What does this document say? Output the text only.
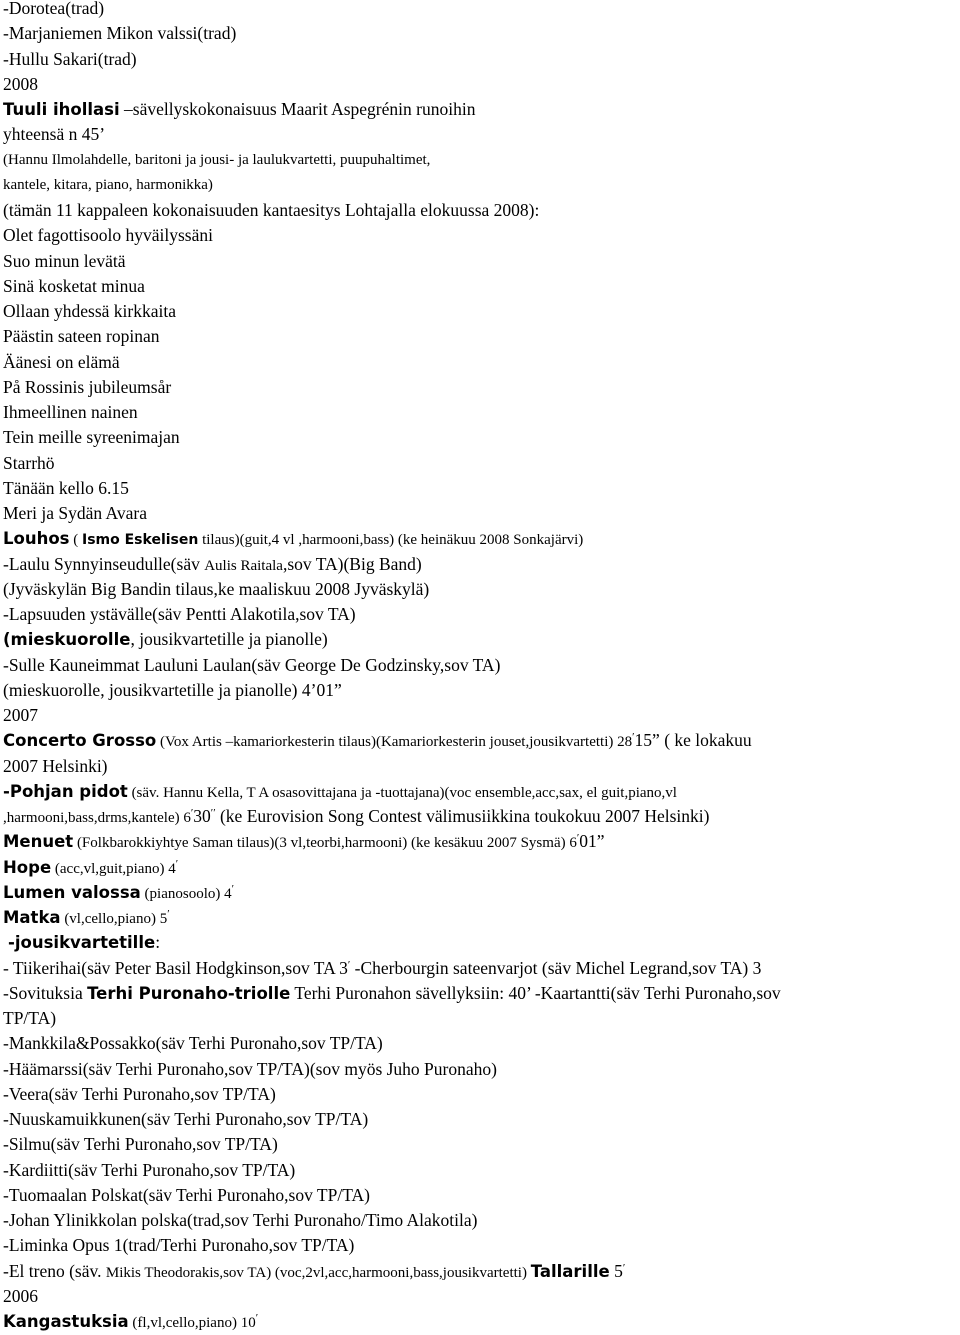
-Dorotea(trad)
-Marjaniemen Mikon valssi(trad)
-Hullu Sakari(trad)
2008
Tuuli ihollasi –sävellyskokonaisuus Maarit Aspegrénin runoihin
yhteensä n 45’
(Hannu Ilmolahdelle, baritoni ja jousi- ja laulukvartetti, puupuhaltimet,
kantele, kitara, piano, harmonikka)
(tämän 11 kappaleen kokonaisuuden kantaesitys Lohtajalla elokuussa 2008):
Olet fagottisoolo hyväilyssäni
Suo minun levätä
Sinä kosketat minua
Ollaan yhdessä kirkkaita
Päästin sateen ropinan
Äänesi on elämä
På Rossinis jubileumsår
Ihmeellinen nainen
Tein meille syreenimajan
Starrhö
Tänään kello 6.15
Meri ja Sydän Avara
Louhos ( Ismo Eskelisen tilaus)(guit,4 vl ,harmooni,bass) (ke heinäkuu 2008 Sonkajärvi)
-Laulu Synnyinseudulle(säv Aulis Raitala,sov TA)(Big Band)
(Jyväskylän Big Bandin tilaus,ke maaliskuu 2008 Jyväskylä)
-Lapsuuden ystävälle(säv Pentti Alakotila,sov TA)
(mieskuorolle, jousikvartetille ja pianolle)
-Sulle Kauneimmat Lauluni Laulan(säv George De Godzinsky,sov TA)
(mieskuorolle, jousikvartetille ja pianolle) 4’01”
2007
Concerto Grosso (Vox Artis –kamariorkesterin tilaus)(Kamariorkesterin jouset,jousikvartetti) 28′15” ( ke lokakuu
2007 Helsinki)
-Pohjan pidot (säv. Hannu Kella, T A osasovittajana ja -tuottajana)(voc ensemble,acc,sax, el guit,piano,vl
,harmooni,bass,drms,kantele) 6′30′′ (ke Eurovision Song Contest välimusiikkina toukokuu 2007 Helsinki)
Menuet (Folkbarokkiyhtye Saman tilaus)(3 vl,teorbi,harmooni) (ke kesäkuu 2007 Sysmä) 6′01”
Hope (acc,vl,guit,piano) 4′
Lumen valossa (pianosoolo) 4′
Matka (vl,cello,piano) 5′
-jousikvartetille:
- Tiikerihai(säv Peter Basil Hodgkinson,sov TA 3′ -Cherbourgin sateenvarjot (säv Michel Legrand,sov TA) 3
-Sovituksia Terhi Puronaho-triolle Terhi Puronahon sävellyksiin: 40’ -Kaartantti(säv Terhi Puronaho,sov
TP/TA)
-Mankkila&Possakko(säv Terhi Puronaho,sov TP/TA)
-Häämarssi(säv Terhi Puronaho,sov TP/TA)(sov myös Juho Puronaho)
-Veera(säv Terhi Puronaho,sov TP/TA)
-Nuuskamuikkunen(säv Terhi Puronaho,sov TP/TA)
-Silmu(säv Terhi Puronaho,sov TP/TA)
-Kardiitti(säv Terhi Puronaho,sov TP/TA)
-Tuomaalan Polskat(säv Terhi Puronaho,sov TP/TA)
-Johan Ylinikkolan polska(trad,sov Terhi Puronaho/Timo Alakotila)
-Liminka Opus 1(trad/Terhi Puronaho,sov TP/TA)
-El treno (säv. Mikis Theodorakis,sov TA) (voc,2vl,acc,harmooni,bass,jousikvartetti) Tallarille 5′
2006
Kangastuksia (fl,vl,cello,piano) 10′
